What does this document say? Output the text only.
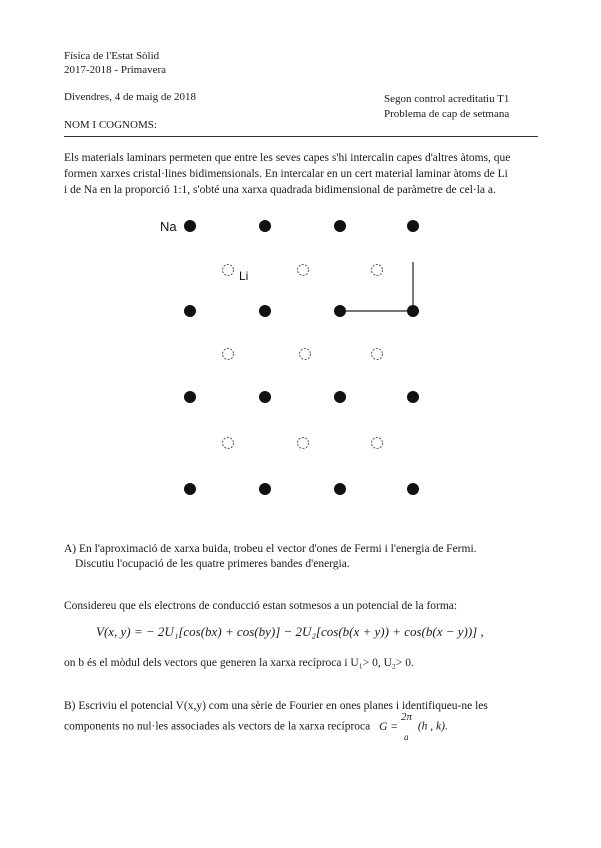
Física de l'Estat Sòlid
2017-2018 - Primavera
Divendres, 4 de maig de 2018	Segon control acreditatiu T1
Problema de cap de setmana
NOM I COGNOMS:
Els materials laminars permeten que entre les seves capes s'hi intercalin capes d'altres àtoms, que
formen xarxes cristal·lines bidimensionals. En intercalar en un cert material laminar àtoms de Li
i de Na en la proporció 1:1, s'obté una xarxa quadrada bidimensional de paràmetre de cel·la a.
Na
Li
A) En l'aproximació de xarxa buida, trobeu el vector d'ones de Fermi i l'energia de Fermi.
Discutiu l'ocupació de les quatre primeres bandes d'energia.
Considereu que els electrons de conducció estan sotmesos a un potencial de la forma:
V(x, y) = − 2U₁[cos(bx) + cos(by)] − 2U₂[cos(b(x + y)) + cos(b(x − y))] ,
on b és el mòdul dels vectors que generen la xarxa recíproca i U₁> 0, U₂> 0.
B) Escriviu el potencial V(x,y) com una sèrie de Fourier en ones planes i identifiqueu-ne les
components no nul·les associades als vectors de la xarxa recíproca G =
2π
a
(h , k).
